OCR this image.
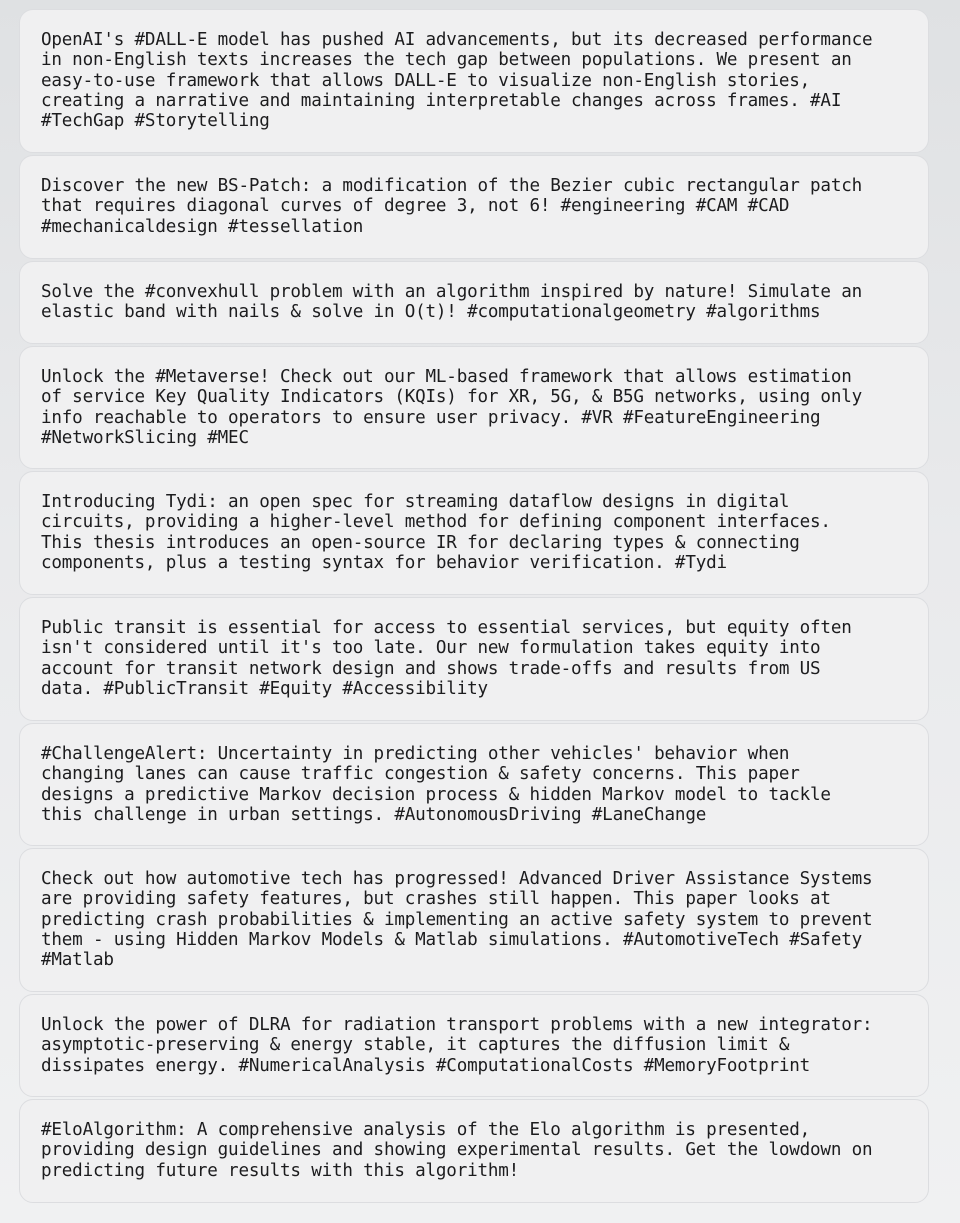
OpenAI's #DALL-E model has pushed AI advancements, but its decreased performance
in non-English texts increases the tech gap between populations. We present an
easy-to-use framework that allows DALL-E to visualize non-English stories,
creating a narrative and maintaining interpretable changes across frames. #AI
#TechGap #Storytelling
Discover the new BS-Patch: a modification of the Bezier cubic rectangular patch
that requires diagonal curves of degree 3, not 6! #engineering #CAM #CAD
#mechanicaldesign #tessellation
Solve the #convexhull problem with an algorithm inspired by nature! Simulate an
elastic band with nails & solve in O(t)! #computationalgeometry #algorithms
Unlock the #Metaverse! Check out our ML-based framework that allows estimation
of service Key Quality Indicators (KQIs) for XR, 5G, & B5G networks, using only
info reachable to operators to ensure user privacy. #VR #FeatureEngineering
#NetworkSlicing #MEC
Introducing Tydi: an open spec for streaming dataflow designs in digital
circuits, providing a higher-level method for defining component interfaces.
This thesis introduces an open-source IR for declaring types & connecting
components, plus a testing syntax for behavior verification. #Tydi
Public transit is essential for access to essential services, but equity often
isn't considered until it's too late. Our new formulation takes equity into
account for transit network design and shows trade-offs and results from US
data. #PublicTransit #Equity #Accessibility
#ChallengeAlert: Uncertainty in predicting other vehicles' behavior when
changing lanes can cause traffic congestion & safety concerns. This paper
designs a predictive Markov decision process & hidden Markov model to tackle
this challenge in urban settings. #AutonomousDriving #LaneChange
Check out how automotive tech has progressed! Advanced Driver Assistance Systems
are providing safety features, but crashes still happen. This paper looks at
predicting crash probabilities & implementing an active safety system to prevent
them - using Hidden Markov Models & Matlab simulations. #AutomotiveTech #Safety
#Matlab
Unlock the power of DLRA for radiation transport problems with a new integrator:
asymptotic-preserving & energy stable, it captures the diffusion limit &
dissipates energy. #NumericalAnalysis #ComputationalCosts #MemoryFootprint
#EloAlgorithm: A comprehensive analysis of the Elo algorithm is presented,
providing design guidelines and showing experimental results. Get the lowdown on
predicting future results with this algorithm!
